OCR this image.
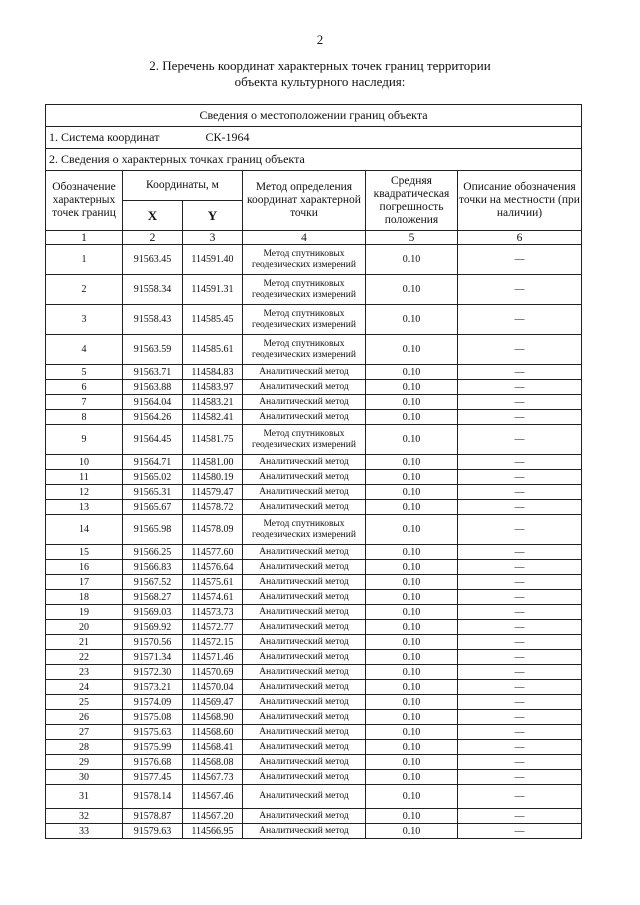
2
2. Перечень координат характерных точек границ территории
объекта культурного наследия:
Сведения о местоположении границ объекта					
1. Система координат СК-1964					
2. Сведения о характерных точках границ объекта					
Обозначение характерных точек границ	Координаты, м		Метод определения координат характерной точки	Средняя квадратическая погрешность положения	Описание обозначения точки на местности (при наличии)
	X	Y			
1	2	3	4	5	6
1	91563.45	114591.40	Метод спутниковых геодезических измерений	0.10	—
2	91558.34	114591.31	Метод спутниковых геодезических измерений	0.10	—
3	91558.43	114585.45	Метод спутниковых геодезических измерений	0.10	—
4	91563.59	114585.61	Метод спутниковых геодезических измерений	0.10	—
5	91563.71	114584.83	Аналитический метод	0.10	—
6	91563.88	114583.97	Аналитический метод	0.10	—
7	91564.04	114583.21	Аналитический метод	0.10	—
8	91564.26	114582.41	Аналитический метод	0.10	—
9	91564.45	114581.75	Метод спутниковых геодезических измерений	0.10	—
10	91564.71	114581.00	Аналитический метод	0.10	—
11	91565.02	114580.19	Аналитический метод	0.10	—
12	91565.31	114579.47	Аналитический метод	0.10	—
13	91565.67	114578.72	Аналитический метод	0.10	—
14	91565.98	114578.09	Метод спутниковых геодезических измерений	0.10	—
15	91566.25	114577.60	Аналитический метод	0.10	—
16	91566.83	114576.64	Аналитический метод	0.10	—
17	91567.52	114575.61	Аналитический метод	0.10	—
18	91568.27	114574.61	Аналитический метод	0.10	—
19	91569.03	114573.73	Аналитический метод	0.10	—
20	91569.92	114572.77	Аналитический метод	0.10	—
21	91570.56	114572.15	Аналитический метод	0.10	—
22	91571.34	114571.46	Аналитический метод	0.10	—
23	91572.30	114570.69	Аналитический метод	0.10	—
24	91573.21	114570.04	Аналитический метод	0.10	—
25	91574.09	114569.47	Аналитический метод	0.10	—
26	91575.08	114568.90	Аналитический метод	0.10	—
27	91575.63	114568.60	Аналитический метод	0.10	—
28	91575.99	114568.41	Аналитический метод	0.10	—
29	91576.68	114568.08	Аналитический метод	0.10	—
30	91577.45	114567.73	Аналитический метод	0.10	—
31	91578.14	114567.46	Аналитический метод	0.10	—
32	91578.87	114567.20	Аналитический метод	0.10	—
33	91579.63	114566.95	Аналитический метод	0.10	—
